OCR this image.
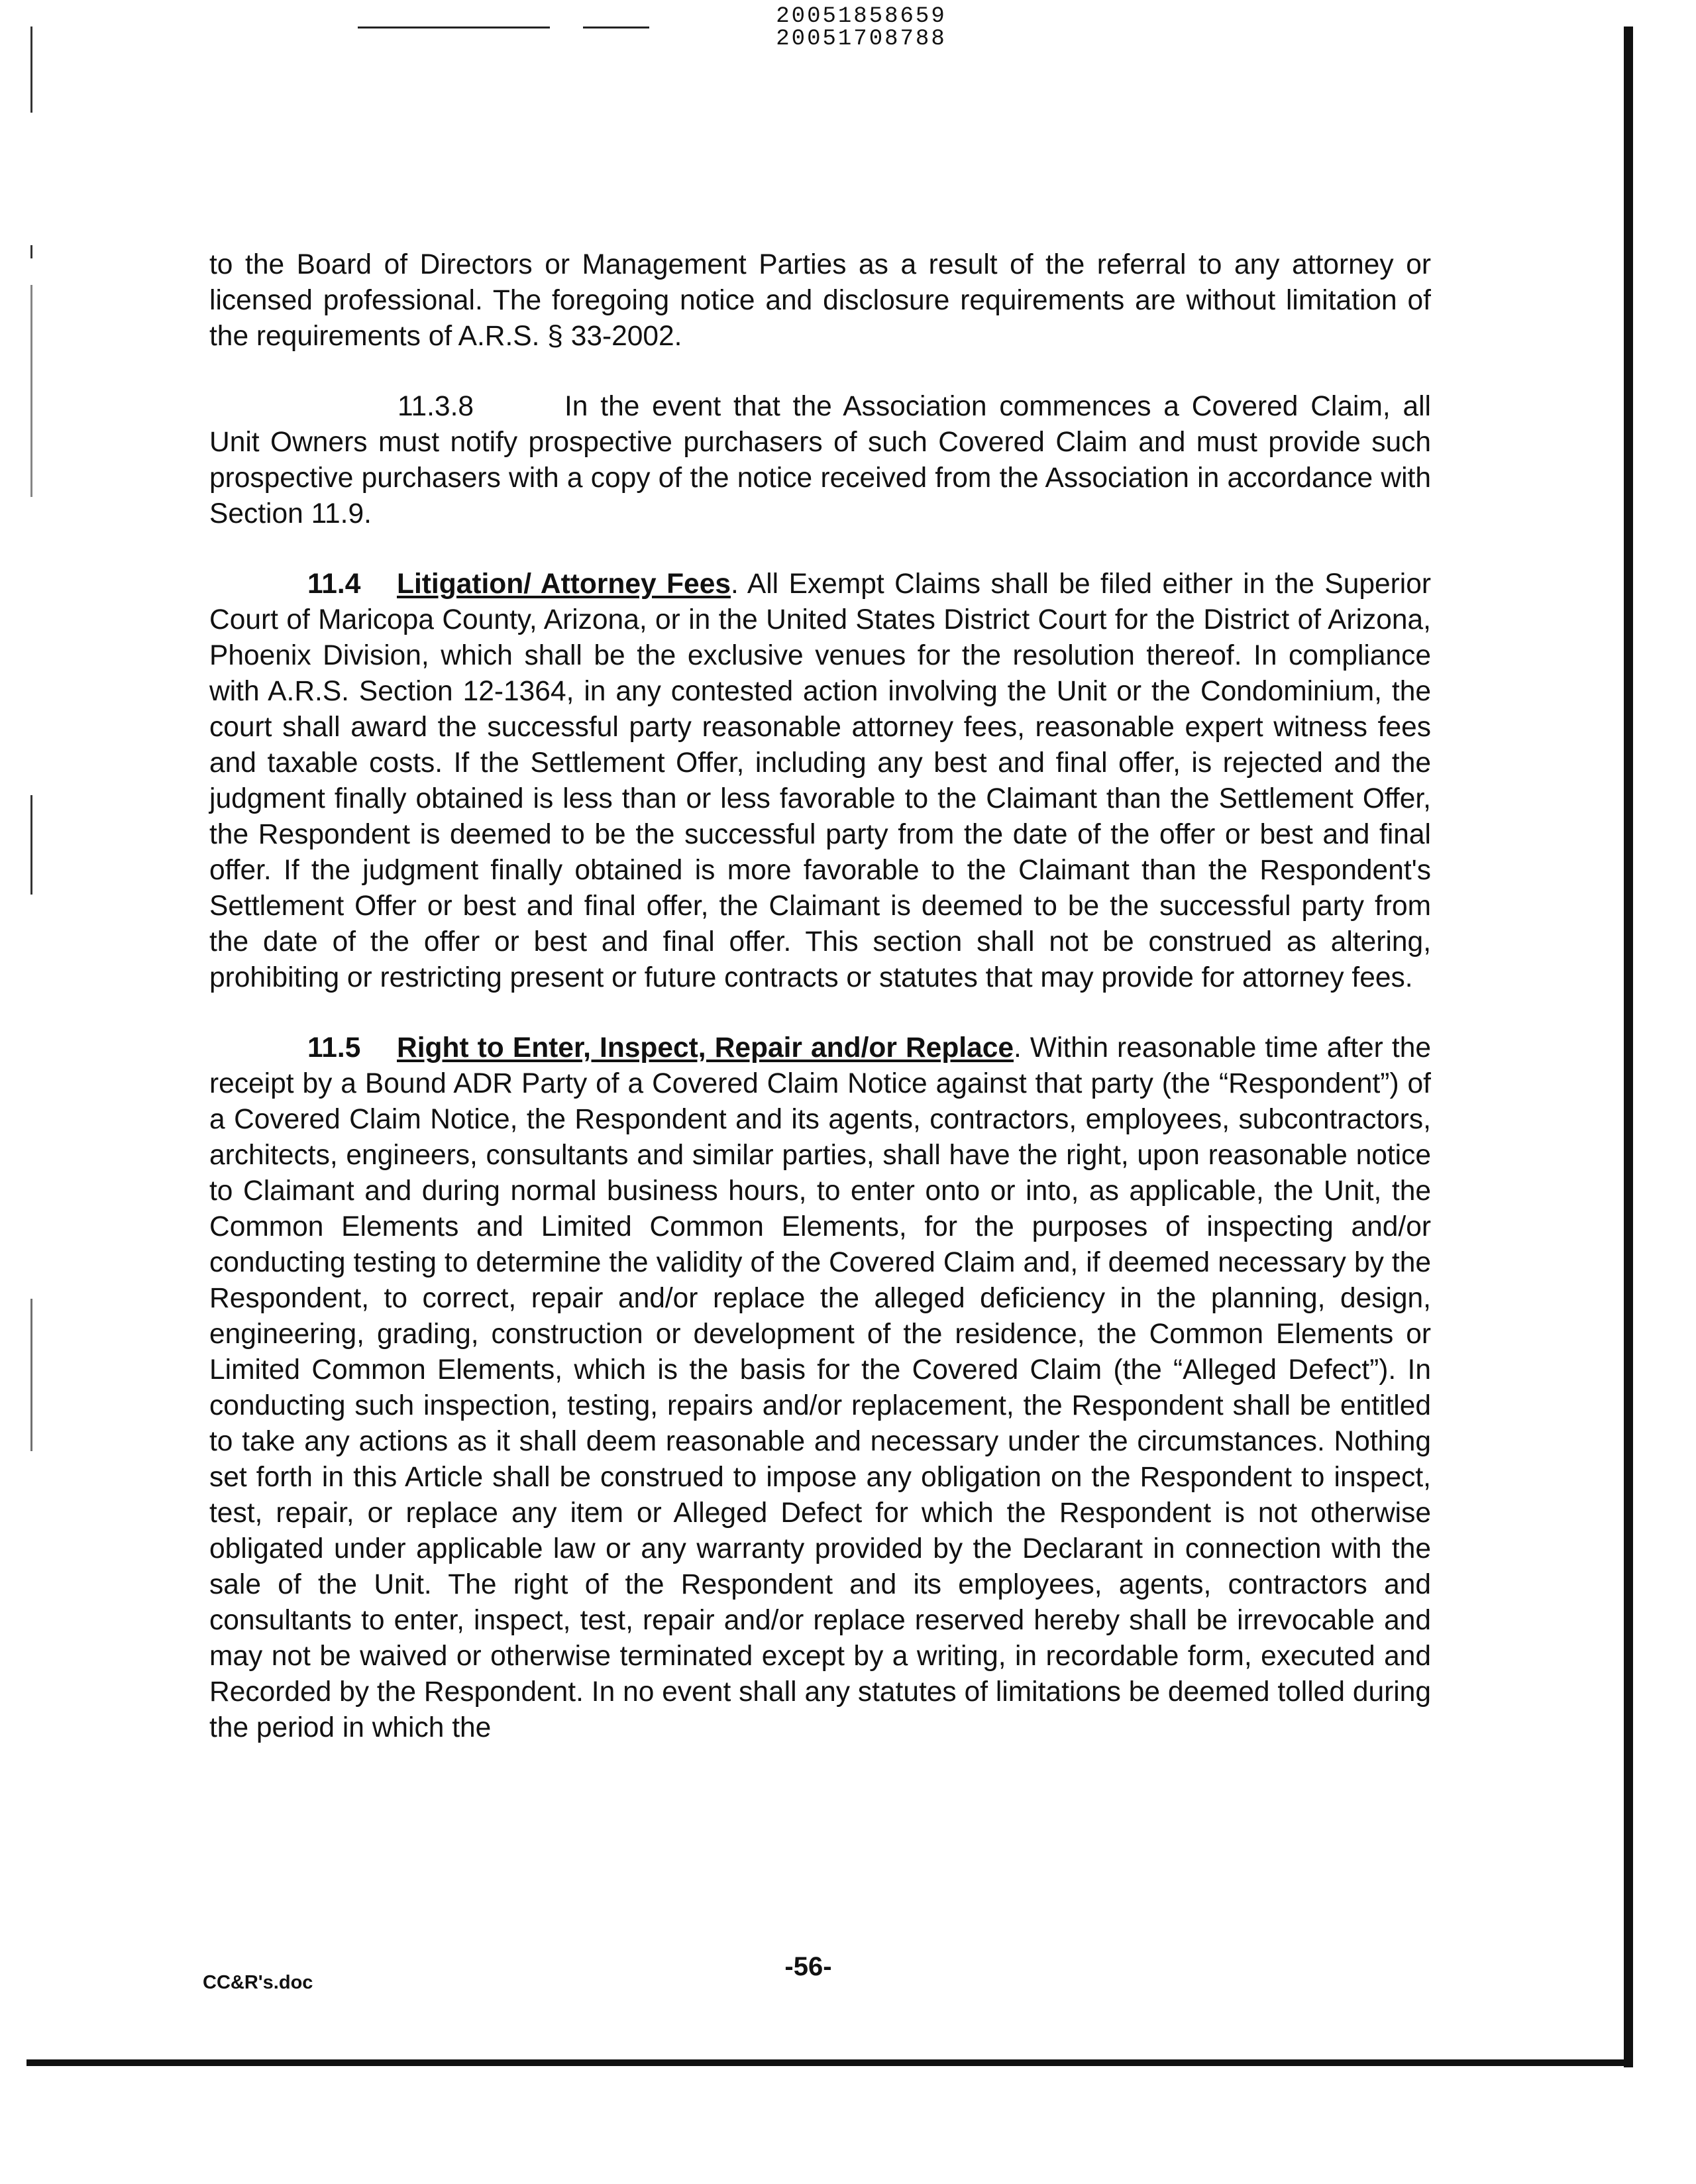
20051858659
20051708788

to the Board of Directors or Management Parties as a result of the referral to any attorney or licensed professional. The foregoing notice and disclosure requirements are without limitation of the requirements of A.R.S. § 33-2002.

11.3.8	In the event that the Association commences a Covered Claim, all Unit Owners must notify prospective purchasers of such Covered Claim and must provide such prospective purchasers with a copy of the notice received from the Association in accordance with Section 11.9.

11.4 Litigation/ Attorney Fees. All Exempt Claims shall be filed either in the Superior Court of Maricopa County, Arizona, or in the United States District Court for the District of Arizona, Phoenix Division, which shall be the exclusive venues for the resolution thereof. In compliance with A.R.S. Section 12-1364, in any contested action involving the Unit or the Condominium, the court shall award the successful party reasonable attorney fees, reasonable expert witness fees and taxable costs. If the Settlement Offer, including any best and final offer, is rejected and the judgment finally obtained is less than or less favorable to the Claimant than the Settlement Offer, the Respondent is deemed to be the successful party from the date of the offer or best and final offer. If the judgment finally obtained is more favorable to the Claimant than the Respondent's Settlement Offer or best and final offer, the Claimant is deemed to be the successful party from the date of the offer or best and final offer. This section shall not be construed as altering, prohibiting or restricting present or future contracts or statutes that may provide for attorney fees.

11.5 Right to Enter, Inspect, Repair and/or Replace. Within reasonable time after the receipt by a Bound ADR Party of a Covered Claim Notice against that party (the “Respondent”) of a Covered Claim Notice, the Respondent and its agents, contractors, employees, subcontractors, architects, engineers, consultants and similar parties, shall have the right, upon reasonable notice to Claimant and during normal business hours, to enter onto or into, as applicable, the Unit, the Common Elements and Limited Common Elements, for the purposes of inspecting and/or conducting testing to determine the validity of the Covered Claim and, if deemed necessary by the Respondent, to correct, repair and/or replace the alleged deficiency in the planning, design, engineering, grading, construction or development of the residence, the Common Elements or Limited Common Elements, which is the basis for the Covered Claim (the “Alleged Defect”). In conducting such inspection, testing, repairs and/or replacement, the Respondent shall be entitled to take any actions as it shall deem reasonable and necessary under the circumstances. Nothing set forth in this Article shall be construed to impose any obligation on the Respondent to inspect, test, repair, or replace any item or Alleged Defect for which the Respondent is not otherwise obligated under applicable law or any warranty provided by the Declarant in connection with the sale of the Unit. The right of the Respondent and its employees, agents, contractors and consultants to enter, inspect, test, repair and/or replace reserved hereby shall be irrevocable and may not be waived or otherwise terminated except by a writing, in recordable form, executed and Recorded by the Respondent. In no event shall any statutes of limitations be deemed tolled during the period in which the

-56-
CC&R's.doc
